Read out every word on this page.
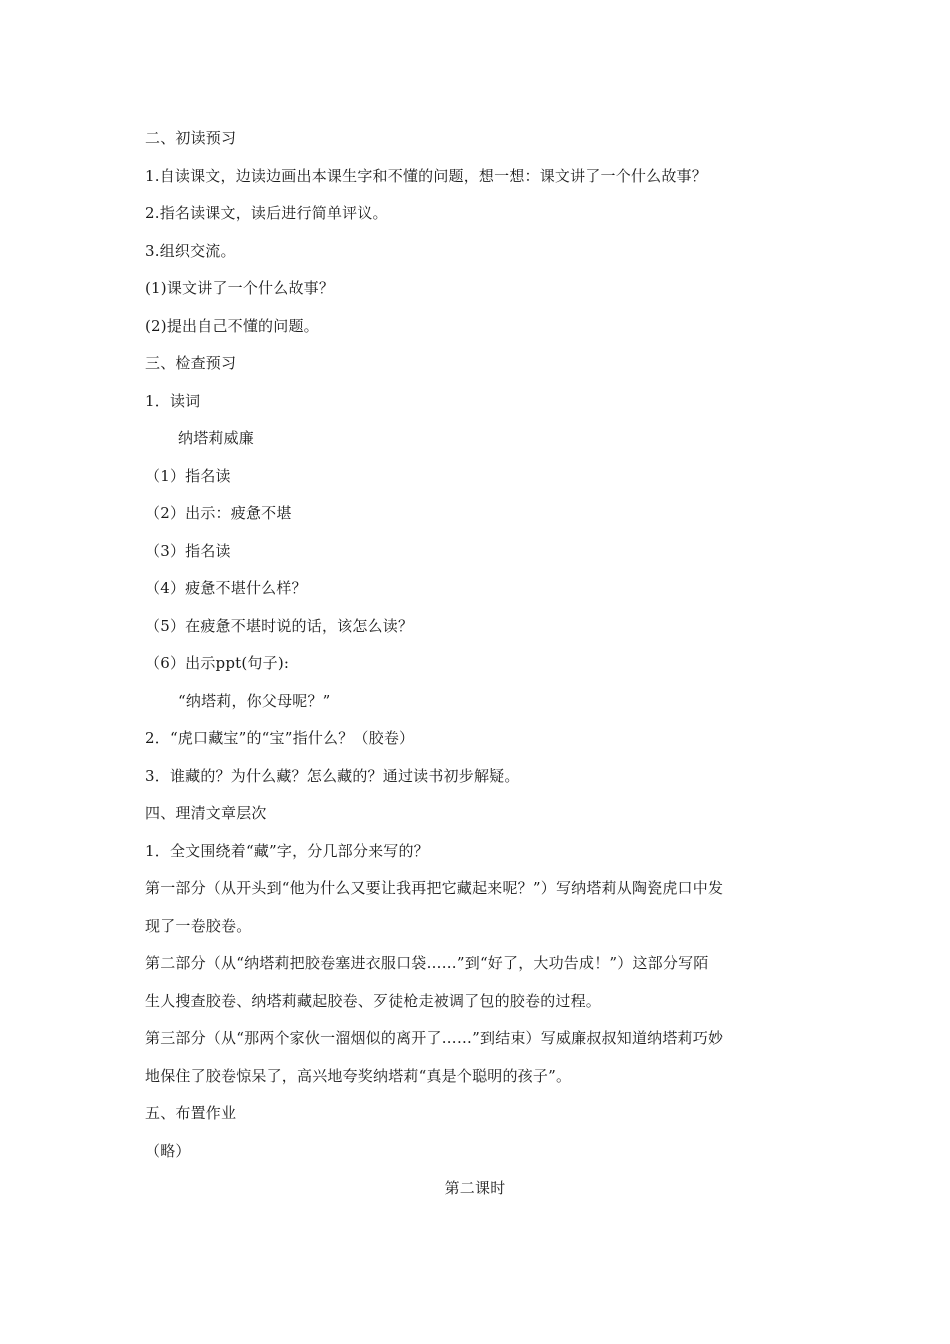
二、初读预习
1.自读课文，边读边画出本课生字和不懂的问题，想一想：课文讲了一个什么故事？
2.指名读课文，读后进行简单评议。
3.组织交流。
(1)课文讲了一个什么故事？
(2)提出自己不懂的问题。
三、检查预习
1．读词
纳塔莉威廉
（1）指名读
（2）出示：疲惫不堪
（3）指名读
（4）疲惫不堪什么样？
（5）在疲惫不堪时说的话，该怎么读？
（6）出示ppt(句子):
“纳塔莉，你父母呢？”
2．“虎口藏宝”的“宝”指什么？（胶卷）
3．谁藏的？为什么藏？怎么藏的？通过读书初步解疑。
四、理清文章层次
1．全文围绕着“藏”字，分几部分来写的？
第一部分（从开头到“他为什么又要让我再把它藏起来呢？”）写纳塔莉从陶瓷虎口中发
现了一卷胶卷。
第二部分（从“纳塔莉把胶卷塞进衣服口袋……”到“好了，大功告成！”）这部分写陌
生人搜查胶卷、纳塔莉藏起胶卷、歹徒枪走被调了包的胶卷的过程。
第三部分（从“那两个家伙一溜烟似的离开了……”到结束）写威廉叔叔知道纳塔莉巧妙
地保住了胶卷惊呆了，高兴地夸奖纳塔莉“真是个聪明的孩子”。
五、布置作业
（略）
第二课时
